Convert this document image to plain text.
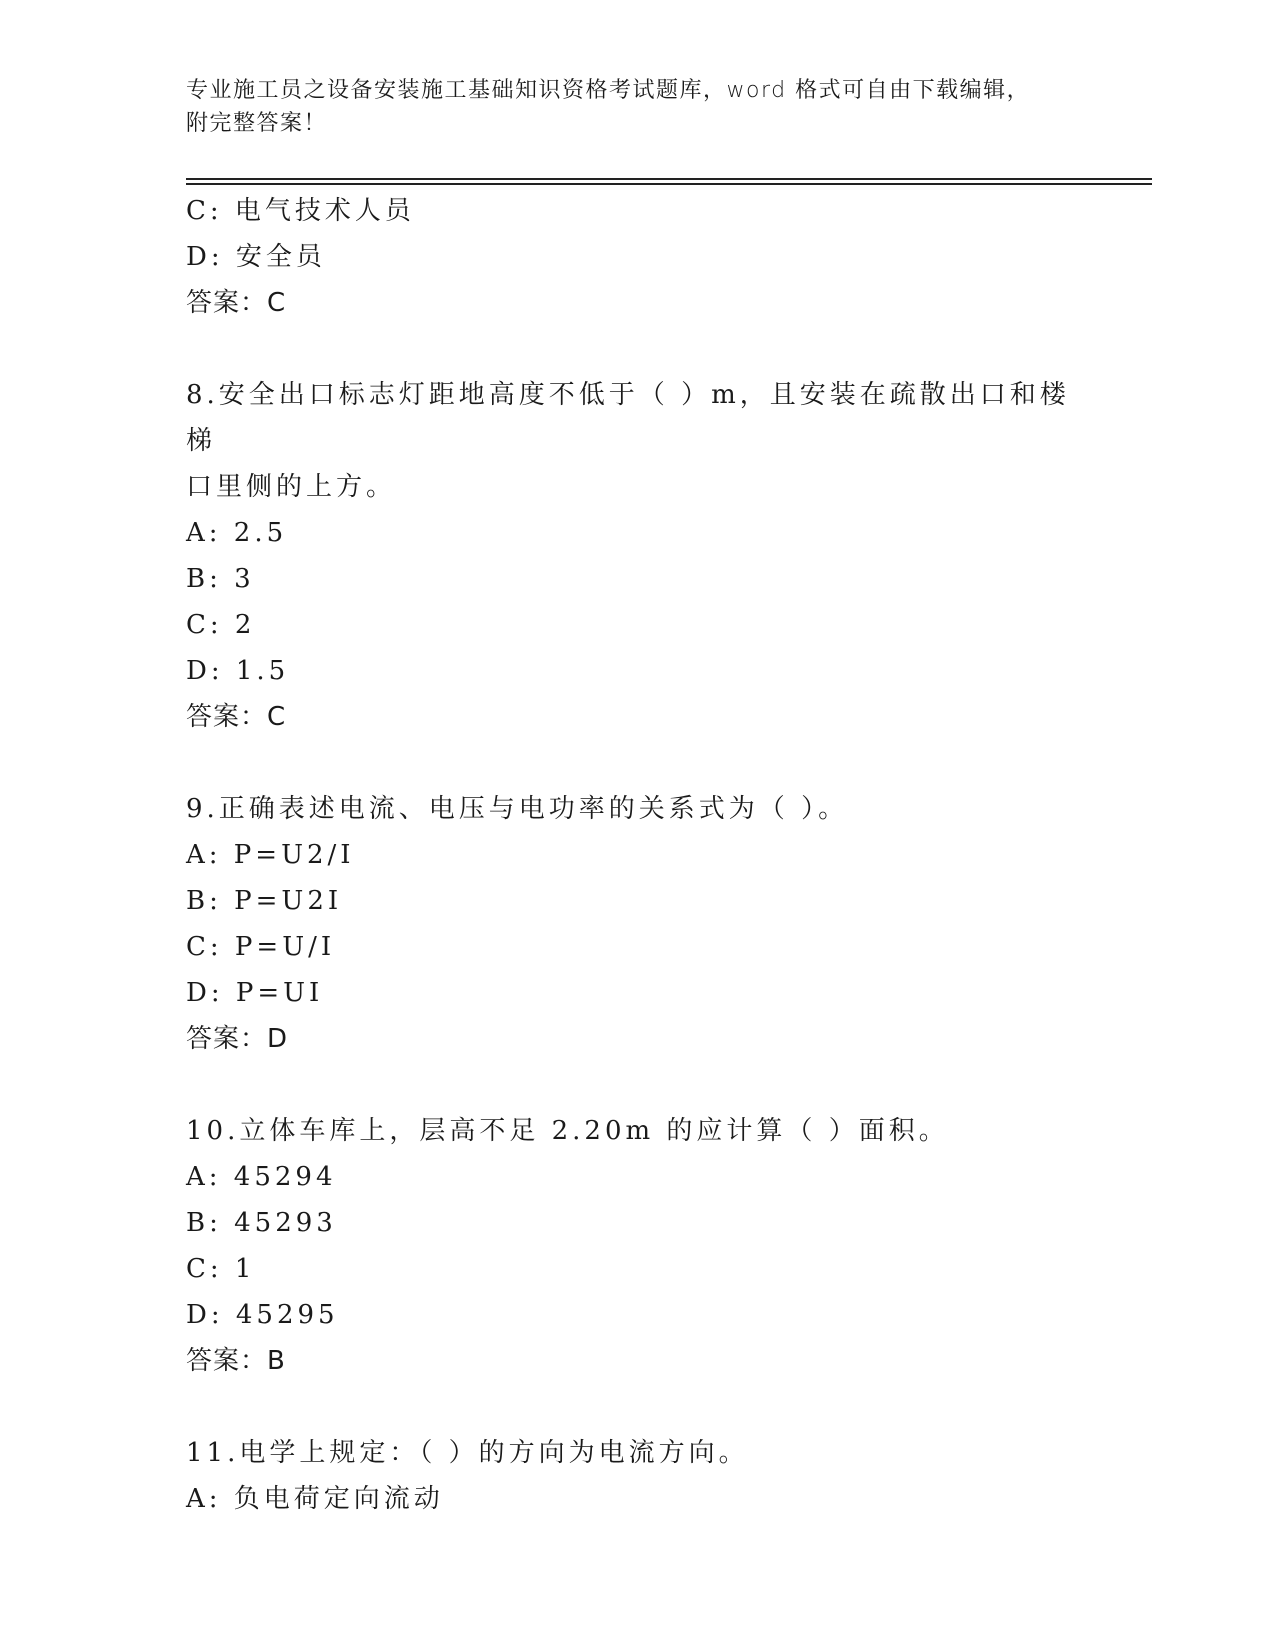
专业施工员之设备安装施工基础知识资格考试题库，word 格式可自由下载编辑，
附完整答案！
C: 电气技术人员
D: 安全员
答案：C
8.安全出口标志灯距地高度不低于（ ）m，且安装在疏散出口和楼梯
口里侧的上方。
A: 2.5
B: 3
C: 2
D: 1.5
答案：C
9.正确表述电流、电压与电功率的关系式为（ ）。
A: P=U2/I
B: P=U2I
C: P=U/I
D: P=UI
答案：D
10.立体车库上，层高不足 2.20m 的应计算（ ）面积。
A: 45294
B: 45293
C: 1
D: 45295
答案：B
11.电学上规定：（ ）的方向为电流方向。
A: 负电荷定向流动
